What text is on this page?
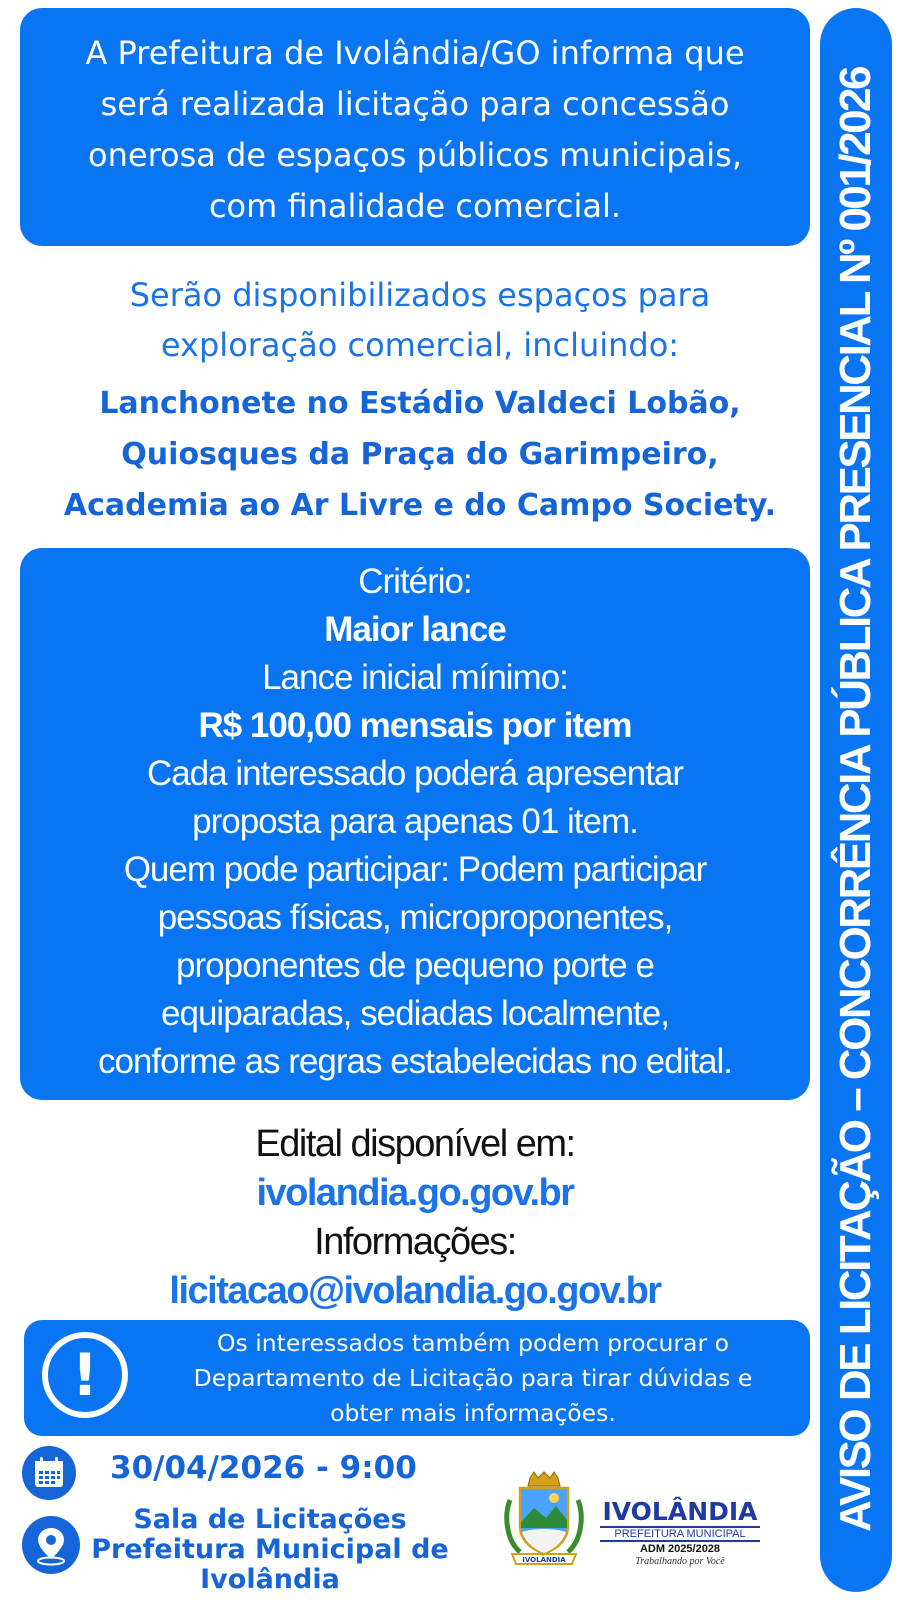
A Prefeitura de Ivolândia/GO informa que
será realizada licitação para concessão
onerosa de espaços públicos municipais,
com finalidade comercial.
Serão disponibilizados espaços para
exploração comercial, incluindo:
Lanchonete no Estádio Valdeci Lobão,
Quiosques da Praça do Garimpeiro,
Academia ao Ar Livre e do Campo Society.
Critério:
Maior lance
Lance inicial mínimo:
R$ 100,00 mensais por item
Cada interessado poderá apresentar
proposta para apenas 01 item.
Quem pode participar: Podem participar
pessoas físicas, microproponentes,
proponentes de pequeno porte e
equiparadas, sediadas localmente,
conforme as regras estabelecidas no edital.
Edital disponível em:
ivolandia.go.gov.br
Informações:
licitacao@ivolandia.go.gov.br
!	Os interessados também podem procurar o
Departamento de Licitação para tirar dúvidas e
obter mais informações.
30/04/2026 - 9:00
Sala de Licitações
Prefeitura Municipal de
Ivolândia
IVOLÂNDIA
IVOLÂNDIA
PREFEITURA MUNICIPAL
ADM 2025/2028
Trabalhando por Você
AVISO DE LICITAÇÃO – CONCORRÊNCIA PÚBLICA PRESENCIAL Nº 001/2026
